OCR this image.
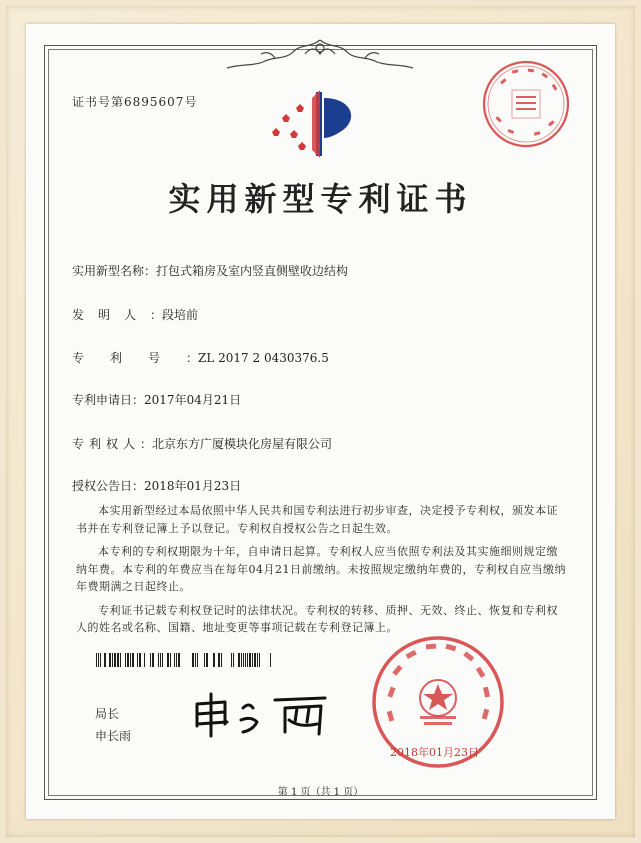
证书号第6895607号
实用新型专利证书
实用新型名称：打包式箱房及室内竖直侧壁收边结构
发明人：段培前
专利号：ZL 2017 2 0430376.5
专利申请日：2017年04月21日
专利权人：北京东方广厦模块化房屋有限公司
授权公告日：2018年01月23日

本实用新型经过本局依照中华人民共和国专利法进行初步审查，决定授予专利权，颁发本证书并在专利登记簿上予以登记。专利权自授权公告之日起生效。

本专利的专利权期限为十年，自申请日起算。专利权人应当依照专利法及其实施细则规定缴纳年费。本专利的年费应当在每年04月21日前缴纳。未按照规定缴纳年费的，专利权自应当缴纳年费期满之日起终止。

专利证书记载专利权登记时的法律状况。专利权的转移、质押、无效、终止、恢复和专利权人的姓名或名称、国籍、地址变更等事项记载在专利登记簿上。

局长
申长雨
2018年01月23日
第 1 页（共 1 页）
